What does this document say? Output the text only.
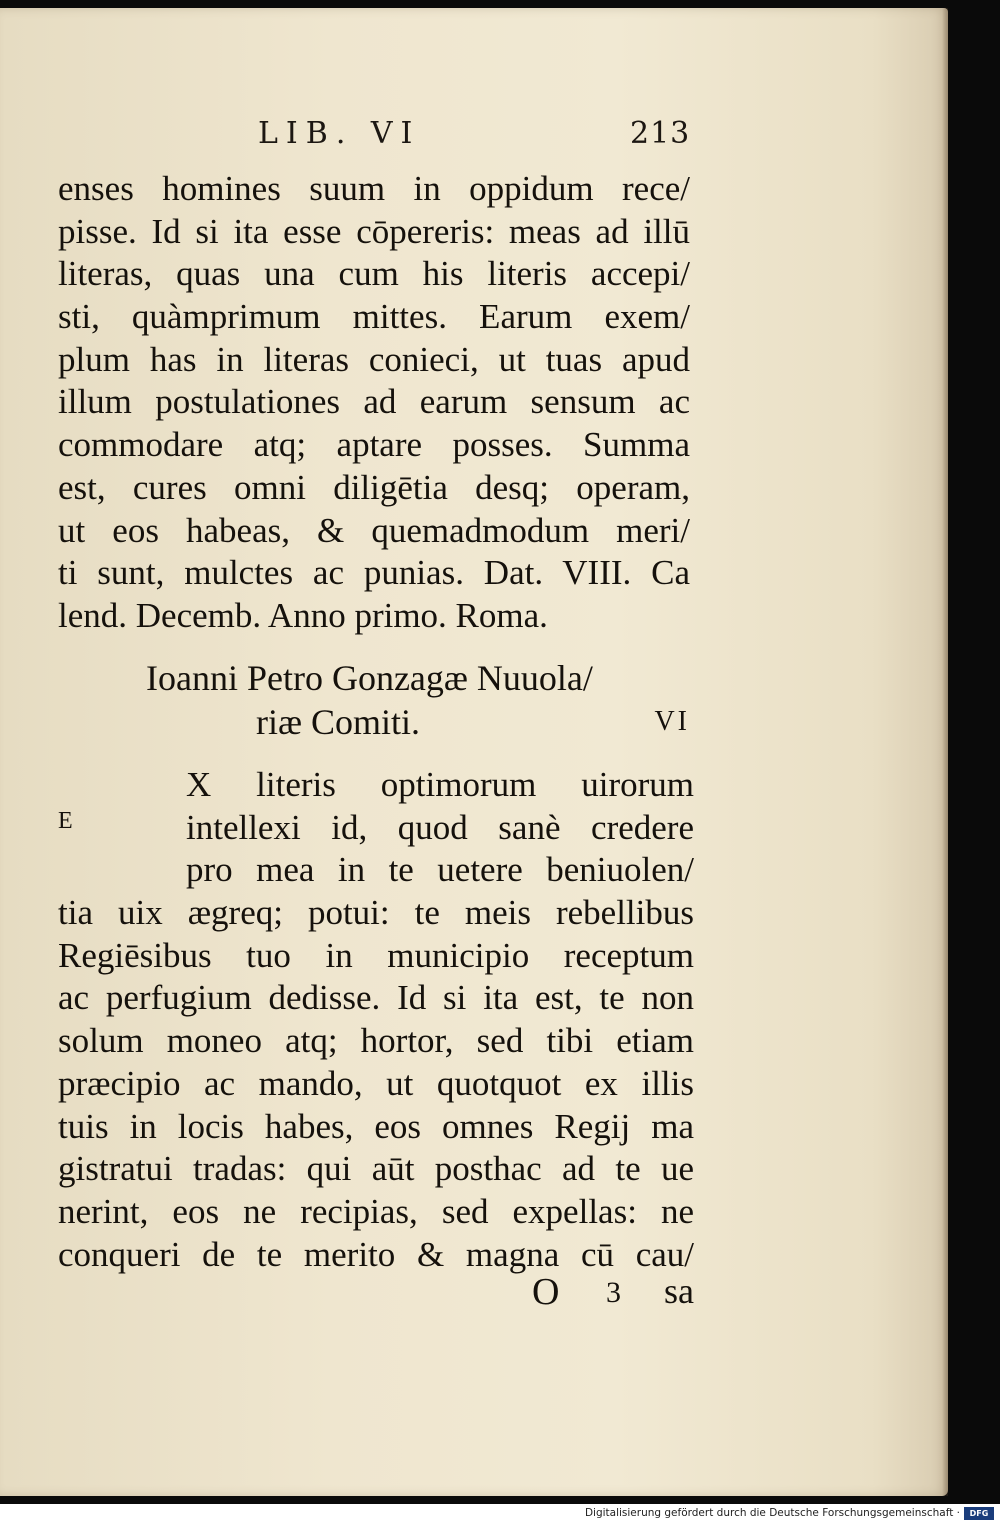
LIB. VI	213
enses homines suum in oppidum rece/
pisse. Id si ita esse cōpereris: meas ad illū
literas, quas una cum his literis accepi/
sti, quàmprimum mittes. Earum exem/
plum has in literas conieci, ut tuas apud
illum postulationes ad earum sensum ac
commodare atq; aptare posses. Summa
est, cures omni diligētia desq; operam,
ut eos habeas, & quemadmodum meri/
ti sunt, mulctes ac punias. Dat. VIII. Ca
lend. Decemb. Anno primo. Roma.
Ioanni Petro Gonzagæ Nuuola/
riæ Comiti.	VI
E
X literis optimorum uirorum
intellexi id, quod sanè credere
pro mea in te uetere beniuolen/
tia uix ægreq; potui: te meis rebellibus
Regiēsibus tuo in municipio receptum
ac perfugium dedisse. Id si ita est, te non
solum moneo atq; hortor, sed tibi etiam
præcipio ac mando, ut quotquot ex illis
tuis in locis habes, eos omnes Regij ma
gistratui tradas: qui aūt posthac ad te ue
nerint, eos ne recipias, sed expellas: ne
conqueri de te merito & magna cū cau/
O 3 sa
Digitalisierung gefördert durch die Deutsche Forschungsgemeinschaft ·	DFG
